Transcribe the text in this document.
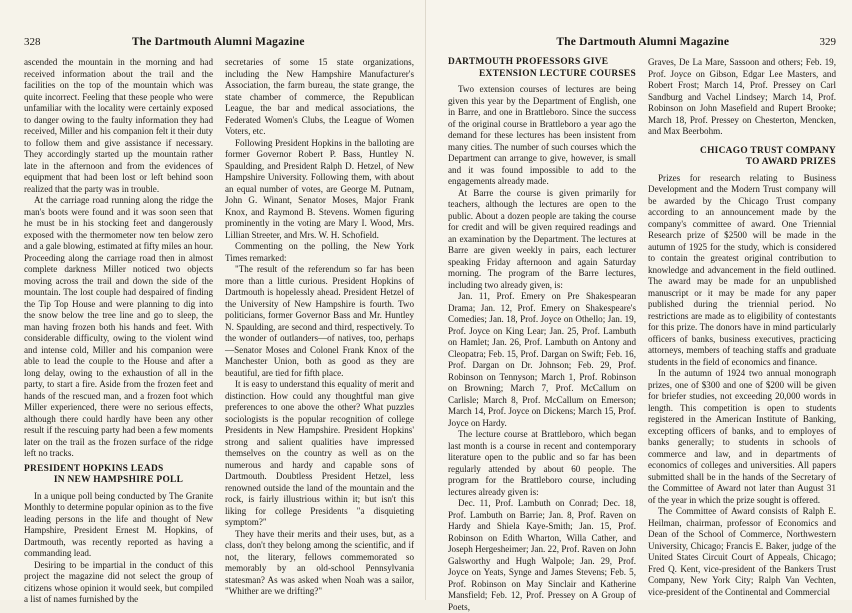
328	The Dartmouth Alumni Magazine

ascended the mountain in the morning and had received information about the trail and the facilities on the top of the mountain which was quite incorrect. Feeling that these people who were unfamiliar with the locality were certainly exposed to danger owing to the faulty information they had received, Miller and his companion felt it their duty to follow them and give assistance if necessary. They accordingly started up the mountain rather late in the afternoon and from the evidences of equipment that had been lost or left behind soon realized that the party was in trouble.

At the carriage road running along the ridge the man's boots were found and it was soon seen that he must be in his stocking feet and dangerously exposed with the thermometer now ten below zero and a gale blowing, estimated at fifty miles an hour. Proceeding along the carriage road then in almost complete darkness Miller noticed two objects moving across the trail and down the side of the mountain. The lost couple had despaired of finding the Tip Top House and were planning to dig into the snow below the tree line and go to sleep, the man having frozen both his hands and feet. With considerable difficulty, owing to the violent wind and intense cold, Miller and his companion were able to lead the couple to the House and after a long delay, owing to the exhaustion of all in the party, to start a fire. Aside from the frozen feet and hands of the rescued man, and a frozen foot which Miller experienced, there were no serious effects, although there could hardly have been any other result if the rescuing party had been a few moments later on the trail as the frozen surface of the ridge left no tracks.

PRESIDENT HOPKINS LEADS
IN NEW HAMPSHIRE POLL

In a unique poll being conducted by The Granite Monthly to determine popular opinion as to the five leading persons in the life and thought of New Hampshire, President Ernest M. Hopkins, of Dartmouth, was recently reported as having a commanding lead.

Desiring to be impartial in the conduct of this project the magazine did not select the group of citizens whose opinion it would seek, but compiled a list of names furnished by the

secretaries of some 15 state organizations, including the New Hampshire Manufacturer's Association, the farm bureau, the state grange, the state chamber of commerce, the Republican League, the bar and medical associations, the Federated Women's Clubs, the League of Women Voters, etc.

Following President Hopkins in the balloting are former Governor Robert P. Bass, Huntley N. Spaulding, and President Ralph D. Hetzel, of New Hampshire University. Following them, with about an equal number of votes, are George M. Putnam, John G. Winant, Senator Moses, Major Frank Knox, and Raymond B. Stevens. Women figuring prominently in the voting are Mary I. Wood, Mrs. Lillian Streeter, and Mrs. W. H. Schofield.

Commenting on the polling, the New York Times remarked:

"The result of the referendum so far has been more than a little curious. President Hopkins of Dartmouth is hopelessly ahead. President Hetzel of the University of New Hampshire is fourth. Two politicians, former Governor Bass and Mr. Huntley N. Spaulding, are second and third, respectively. To the wonder of outlanders—of natives, too, perhaps—Senator Moses and Colonel Frank Knox of the Manchester Union, both as good as they are beautiful, are tied for fifth place.

It is easy to understand this equality of merit and distinction. How could any thoughtful man give preferences to one above the other? What puzzles sociologists is the popular recognition of college Presidents in New Hampshire. President Hopkins' strong and salient qualities have impressed themselves on the country as well as on the numerous and hardy and capable sons of Dartmouth. Doubtless President Hetzel, less renowned outside the land of the mountain and the rock, is fairly illustrious within it; but isn't this liking for college Presidents "a disquieting symptom?"

They have their merits and their uses, but, as a class, don't they belong among the scientific, and if not, the literary, fellows commemorated so memorably by an old-school Pennsylvania statesman? As was asked when Noah was a sailor, "Whither are we drifting?"

The Dartmouth Alumni Magazine	329
DARTMOUTH PROFESSORS GIVE
EXTENSION LECTURE COURSES

Two extension courses of lectures are being given this year by the Department of English, one in Barre, and one in Brattleboro. Since the success of the original course in Brattleboro a year ago the demand for these lectures has been insistent from many cities. The number of such courses which the Department can arrange to give, however, is small and it was found impossible to add to the engagements already made.

At Barre the course is given primarily for teachers, although the lectures are open to the public. About a dozen people are taking the course for credit and will be given required readings and an examination by the Department. The lectures at Barre are given weekly in pairs, each lecturer speaking Friday afternoon and again Saturday morning. The program of the Barre lectures, including two already given, is:

Jan. 11, Prof. Emery on Pre Shakespearan Drama; Jan. 12, Prof. Emery on Shakespeare's Comedies; Jan. 18, Prof. Joyce on Othello; Jan. 19, Prof. Joyce on King Lear; Jan. 25, Prof. Lambuth on Hamlet; Jan. 26, Prof. Lambuth on Antony and Cleopatra; Feb. 15, Prof. Dargan on Swift; Feb. 16, Prof. Dargan on Dr. Johnson; Feb. 29, Prof. Robinson on Tennyson; March 1, Prof. Robinson on Browning; March 7, Prof. McCallum on Carlisle; March 8, Prof. McCallum on Emerson; March 14, Prof. Joyce on Dickens; March 15, Prof. Joyce on Hardy.

The lecture course at Brattleboro, which began last month is a course in recent and contemporary literature open to the public and so far has been regularly attended by about 60 people. The program for the Brattleboro course, including lectures already given is:

Dec. 11, Prof. Lambuth on Conrad; Dec. 18, Prof. Lambuth on Barrie; Jan. 8, Prof. Raven on Hardy and Shiela Kaye-Smith; Jan. 15, Prof. Robinson on Edith Wharton, Willa Cather, and Joseph Hergesheimer; Jan. 22, Prof. Raven on John Galsworthy and Hugh Walpole; Jan. 29, Prof. Joyce on Yeats, Synge and James Stevens; Feb. 5, Prof. Robinson on May Sinclair and Katherine Mansfield; Feb. 12, Prof. Pressey on A Group of Poets,

Graves, De La Mare, Sassoon and others; Feb. 19, Prof. Joyce on Gibson, Edgar Lee Masters, and Robert Frost; March 14, Prof. Pressey on Carl Sandburg and Vachel Lindsey; March 14, Prof. Robinson on John Masefield and Rupert Brooke; March 18, Prof. Pressey on Chesterton, Mencken, and Max Beerbohm.

CHICAGO TRUST COMPANY
TO AWARD PRIZES

Prizes for research relating to Business Development and the Modern Trust company will be awarded by the Chicago Trust company according to an announcement made by the company's committee of award. One Triennial Research prize of $2500 will be made in the autumn of 1925 for the study, which is considered to contain the greatest original contribution to knowledge and advancement in the field outlined. The award may be made for an unpublished manuscript or it may be made for any paper published during the triennial period. No restrictions are made as to eligibility of contestants for this prize. The donors have in mind particularly officers of banks, business executives, practicing attorneys, members of teaching staffs and graduate students in the field of economics and finance.

In the autumn of 1924 two annual monograph prizes, one of $300 and one of $200 will be given for briefer studies, not exceeding 20,000 words in length. This competition is open to students registered in the American Institute of Banking, excepting officers of banks, and to employes of banks generally; to students in schools of commerce and law, and in departments of economics of colleges and universities. All papers submitted shall be in the hands of the Secretary of the Committee of Award not later than August 31 of the year in which the prize sought is offered.

The Committee of Award consists of Ralph E. Heilman, chairman, professor of Economics and Dean of the School of Commerce, Northwestern University, Chicago; Francis E. Baker, judge of the United States Circuit Court of Appeals, Chicago; Fred Q. Kent, vice-president of the Bankers Trust Company, New York City; Ralph Van Vechten, vice-president of the Continental and Commercial
